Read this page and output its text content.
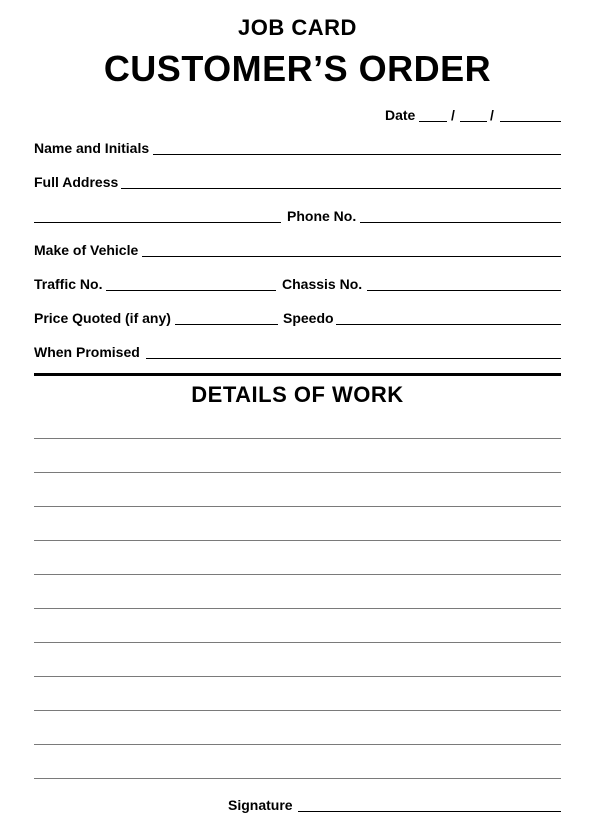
JOB CARD
CUSTOMER’S ORDER
Date	/	/
Name and Initials
Full Address
Phone No.
Make of Vehicle
Traffic No.	Chassis No.
Price Quoted (if any)	Speedo
When Promised
DETAILS OF WORK
Signature
